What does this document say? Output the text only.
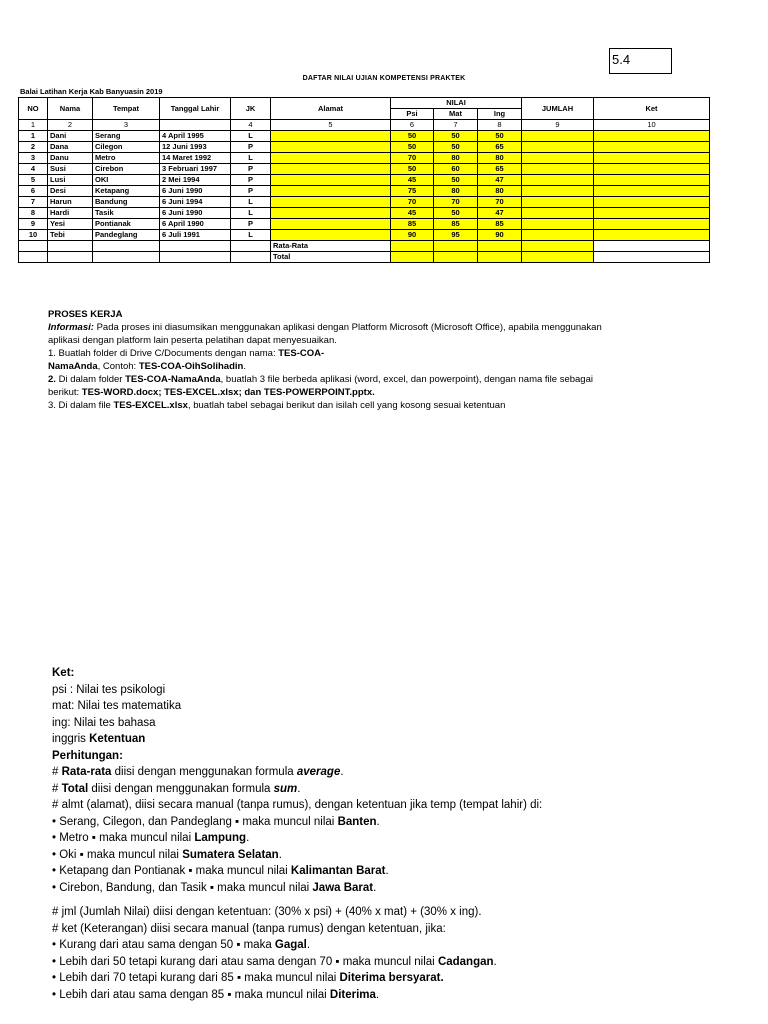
5.4
DAFTAR NILAI UJIAN KOMPETENSI PRAKTEK
Balai Latihan Kerja Kab Banyuasin 2019
NO	Nama	Tempat	Tanggal Lahir	JK	Alamat	NILAI			JUMLAH	Ket
						Psi	Mat	Ing		
1	2	3		4	5	6	7	8	9	10
1	Dani	Serang	4 April 1995	L		50	50	50		
2	Dana	Cilegon	12 Juni 1993	P		50	50	65		
3	Danu	Metro	14 Maret 1992	L		70	80	80		
4	Susi	Cirebon	3 Februari 1997	P		50	60	65		
5	Lusi	OKI	2 Mei 1994	P		45	50	47		
6	Desi	Ketapang	6 Juni 1990	P		75	80	80		
7	Harun	Bandung	6 Juni 1994	L		70	70	70		
8	Hardi	Tasik	6 Juni 1990	L		45	50	47		
9	Yesi	Pontianak	6 April 1990	P		85	85	85		
10	Tebi	Pandeglang	6 Juli 1991	L		90	95	90		
					Rata-Rata					
					Total					

PROSES KERJA

Informasi: Pada proses ini diasumsikan menggunakan aplikasi dengan Platform Microsoft (Microsoft Office), apabila menggunakan

aplikasi dengan platform lain peserta pelatihan dapat menyesuaikan.

1. Buatlah folder di Drive C/Documents dengan nama: TES-COA-

NamaAnda, Contoh: TES-COA-OihSolihadin.

2. Di dalam folder TES-COA-NamaAnda, buatlah 3 file berbeda aplikasi (word, excel, dan powerpoint), dengan nama file sebagai

berikut: TES-WORD.docx; TES-EXCEL.xlsx; dan TES-POWERPOINT.pptx.

3. Di dalam file TES-EXCEL.xlsx, buatlah tabel sebagai berikut dan isilah cell yang kosong sesuai ketentuan

Ket:

psi : Nilai tes psikologi

mat: Nilai tes matematika

ing: Nilai tes bahasa

inggris Ketentuan

Perhitungan:

# Rata-rata diisi dengan menggunakan formula average.

# Total diisi dengan menggunakan formula sum.

# almt (alamat), diisi secara manual (tanpa rumus), dengan ketentuan jika temp (tempat lahir) di:

• Serang, Cilegon, dan Pandeglang ▪ maka muncul nilai Banten.

• Metro ▪ maka muncul nilai Lampung.

• Oki ▪ maka muncul nilai Sumatera Selatan.

• Ketapang dan Pontianak ▪ maka muncul nilai Kalimantan Barat.

• Cirebon, Bandung, dan Tasik ▪ maka muncul nilai Jawa Barat.

# jml (Jumlah Nilai) diisi dengan ketentuan: (30% x psi) + (40% x mat) + (30% x ing).

# ket (Keterangan) diisi secara manual (tanpa rumus) dengan ketentuan, jika:

• Kurang dari atau sama dengan 50 ▪ maka Gagal.

• Lebih dari 50 tetapi kurang dari atau sama dengan 70 ▪ maka muncul nilai Cadangan.

• Lebih dari 70 tetapi kurang dari 85 ▪ maka muncul nilai Diterima bersyarat.

• Lebih dari atau sama dengan 85 ▪ maka muncul nilai Diterima.
